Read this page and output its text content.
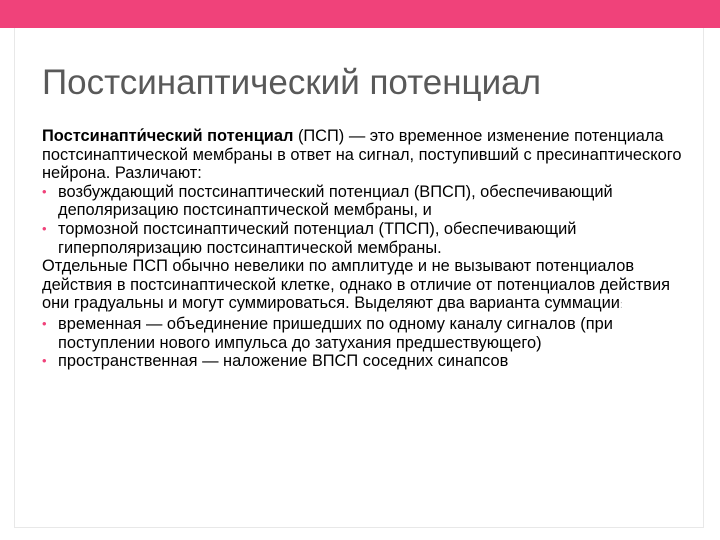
Постсинаптический потенциал

Постсинапти́ческий потенциал (ПСП) — это временное изменение потенциала постсинаптической мембраны в ответ на сигнал, поступивший с пресинаптического нейрона. Различают:

• возбуждающий постсинаптический потенциал (ВПСП), обеспечивающий деполяризацию постсинаптической мембраны, и

• тормозной постсинаптический потенциал (ТПСП), обеспечивающий гиперполяризацию постсинаптической мембраны.

Отдельные ПСП обычно невелики по амплитуде и не вызывают потенциалов действия в постсинаптической клетке, однако в отличие от потенциалов действия они градуальны и могут суммироваться. Выделяют два варианта суммации:

• временная — объединение пришедших по одному каналу сигналов (при поступлении нового импульса до затухания предшествующего)

• пространственная — наложение ВПСП соседних синапсов
